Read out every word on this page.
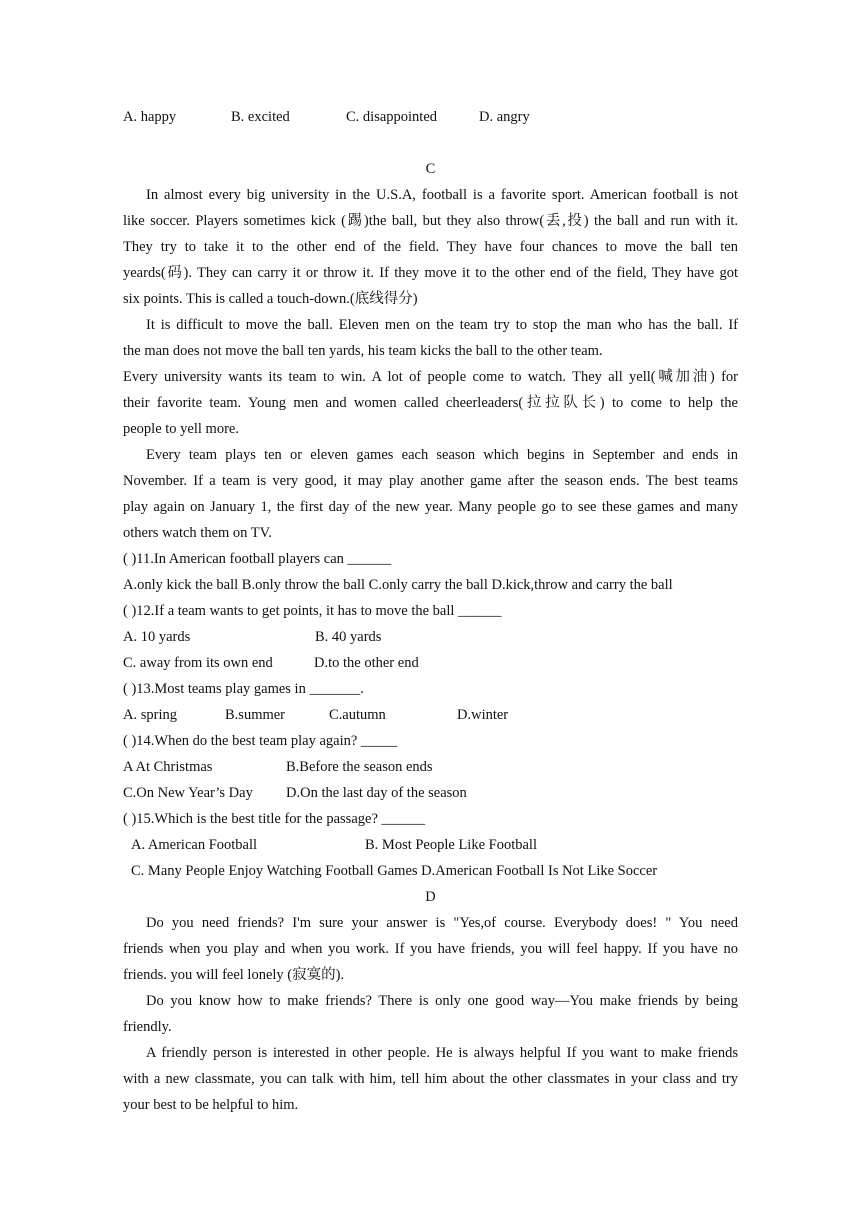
A. happy	B. excited	C. disappointed	D. angry
C
In almost every big university in the U.S.A, football is a favorite sport. American football is not
like soccer. Players sometimes kick (踢)the ball, but they also throw(丢,投) the ball and run with it.
They try to take it to the other end of the field. They have four chances to move the ball ten
yeards(码). They can carry it or throw it. If they move it to the other end of the field, They have got
six points. This is called a touch-down.(底线得分)
It is difficult to move the ball. Eleven men on the team try to stop the man who has the ball. If
the man does not move the ball ten yards, his team kicks the ball to the other team.
Every university wants its team to win. A lot of people come to watch. They all yell(喊加油) for
their favorite team. Young men and women called cheerleaders(拉拉队长) to come to help the
people to yell more.
Every team plays ten or eleven games each season which begins in September and ends in
November. If a team is very good, it may play another game after the season ends. The best teams
play again on January 1, the first day of the new year. Many people go to see these games and many
others watch them on TV.
( )11.In American football players can ______
A.only kick the ball B.only throw the ball C.only carry the ball D.kick,throw and carry the ball
( )12.If a team wants to get points, it has to move the ball ______
A. 10 yards	B. 40 yards
C. away from its own end	D.to the other end
( )13.Most teams play games in _______.
A. spring	B.summer	C.autumn	D.winter
( )14.When do the best team play again? _____
A At Christmas	B.Before the season ends
C.On New Year’s Day D.On the last day of the season
( )15.Which is the best title for the passage? ______
A. American Football	B. Most People Like Football
C. Many People Enjoy Watching Football Games D.American Football Is Not Like Soccer
D
Do you need friends? I'm sure your answer is "Yes,of course. Everybody does! " You need
friends when you play and when you work. If you have friends, you will feel happy. If you have no
friends. you will feel lonely (寂寞的).
Do you know how to make friends? There is only one good way—You make friends by being
friendly.
A friendly person is interested in other people. He is always helpful If you want to make friends
with a new classmate, you can talk with him, tell him about the other classmates in your class and try
your best to be helpful to him.
